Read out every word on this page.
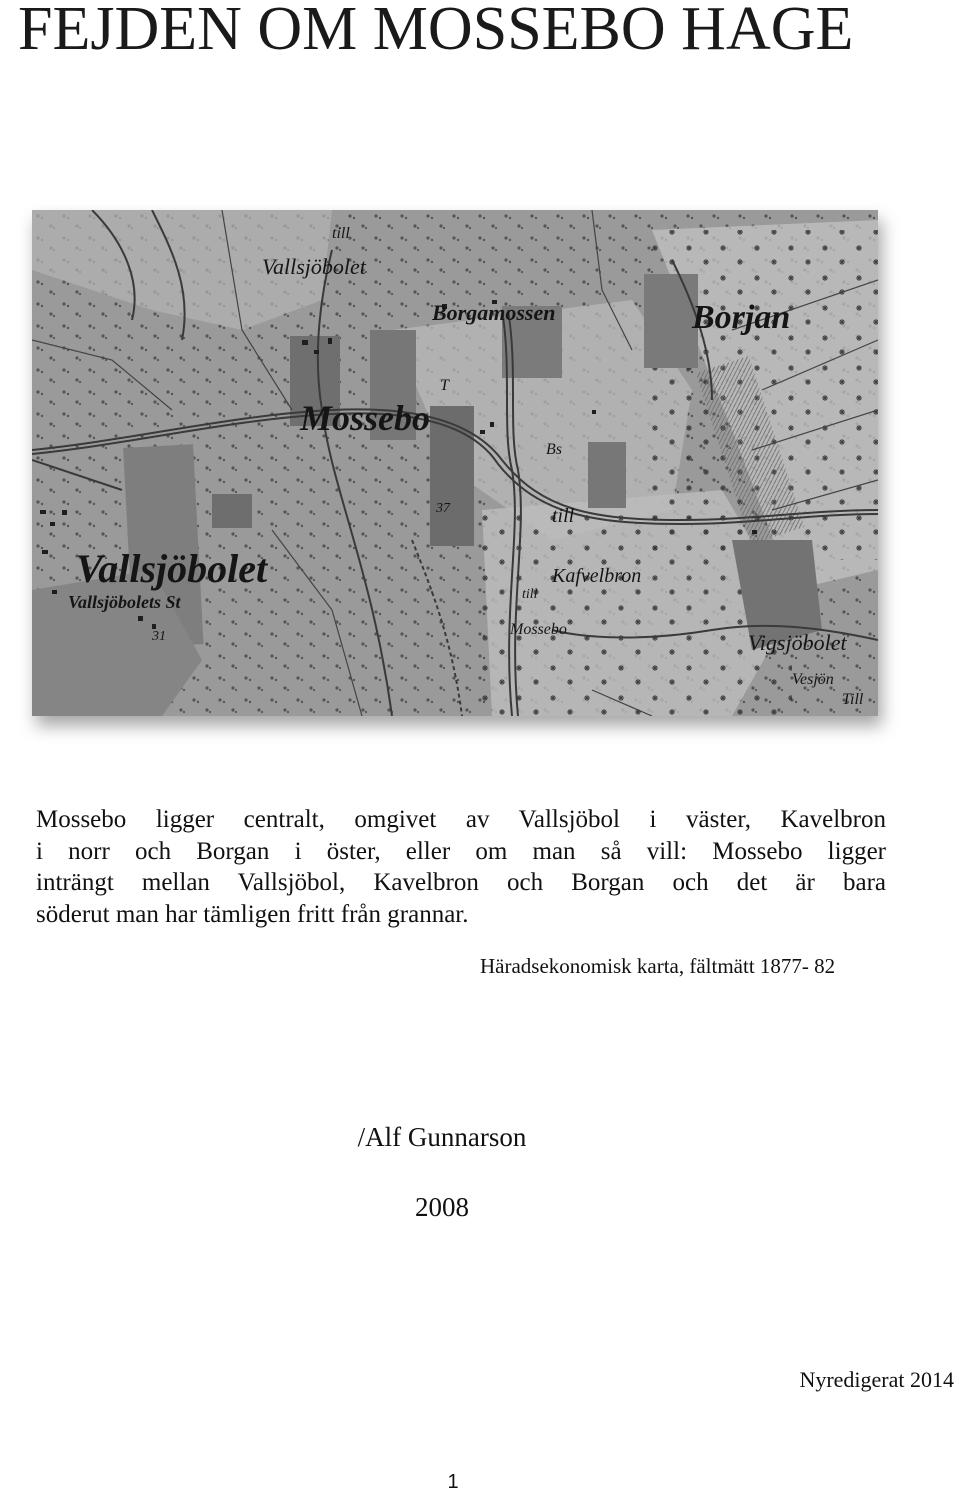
FEJDEN OM MOSSEBO HAGE
Vallsjöbolet
till
Borgamossen	Borjan
T
Mossebo
Bs
37	till
Vallsjöbolet	Kafvelbron
Vallsjöbolets St	till
Mossebo
31	Vigsjöbolet
Vesjön
Till

Mossebo ligger centralt, omgivet av Vallsjöbol i väster, Kavelbron
i norr och Borgan i öster, eller om man så vill: Mossebo ligger
inträngt mellan Vallsjöbol, Kavelbron och Borgan och det är bara
söderut man har tämligen fritt från grannar.

Häradsekonomisk karta, fältmätt 1877- 82
/Alf Gunnarson
2008
Nyredigerat 2014
1
